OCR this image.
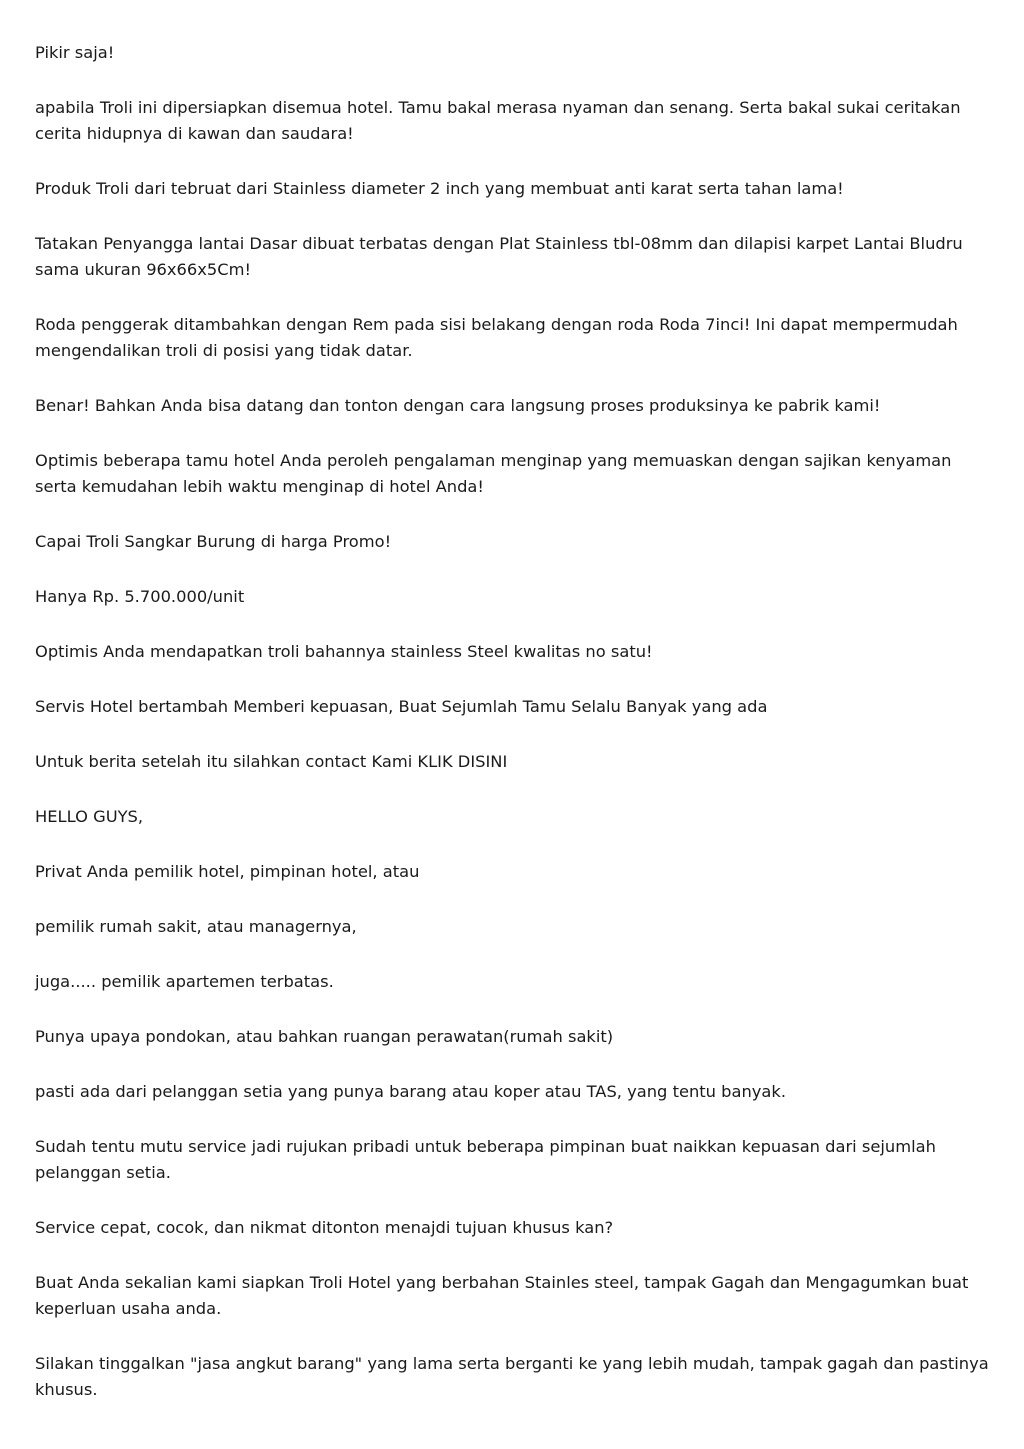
Pikir saja!

apabila Troli ini dipersiapkan disemua hotel. Tamu bakal merasa nyaman dan senang. Serta bakal sukai ceritakan cerita hidupnya di kawan dan saudara!

Produk Troli dari tebruat dari Stainless diameter 2 inch yang membuat anti karat serta tahan lama!

Tatakan Penyangga lantai Dasar dibuat terbatas dengan Plat Stainless tbl-08mm dan dilapisi karpet Lantai Bludru sama ukuran 96x66x5Cm!

Roda penggerak ditambahkan dengan Rem pada sisi belakang dengan roda Roda 7inci! Ini dapat mempermudah mengendalikan troli di posisi yang tidak datar.

Benar! Bahkan Anda bisa datang dan tonton dengan cara langsung proses produksinya ke pabrik kami!

Optimis beberapa tamu hotel Anda peroleh pengalaman menginap yang memuaskan dengan sajikan kenyaman serta kemudahan lebih waktu menginap di hotel Anda!

Capai Troli Sangkar Burung di harga Promo!

Hanya Rp. 5.700.000/unit

Optimis Anda mendapatkan troli bahannya stainless Steel kwalitas no satu!

Servis Hotel bertambah Memberi kepuasan, Buat Sejumlah Tamu Selalu Banyak yang ada

Untuk berita setelah itu silahkan contact Kami KLIK DISINI

HELLO GUYS,

Privat Anda pemilik hotel, pimpinan hotel, atau

pemilik rumah sakit, atau managernya,

juga..... pemilik apartemen terbatas.

Punya upaya pondokan, atau bahkan ruangan perawatan(rumah sakit)

pasti ada dari pelanggan setia yang punya barang atau koper atau TAS, yang tentu banyak.

Sudah tentu mutu service jadi rujukan pribadi untuk beberapa pimpinan buat naikkan kepuasan dari sejumlah pelanggan setia.

Service cepat, cocok, dan nikmat ditonton menajdi tujuan khusus kan?

Buat Anda sekalian kami siapkan Troli Hotel yang berbahan Stainles steel, tampak Gagah dan Mengagumkan buat keperluan usaha anda.

Silakan tinggalkan "jasa angkut barang" yang lama serta berganti ke yang lebih mudah, tampak gagah dan pastinya khusus.
